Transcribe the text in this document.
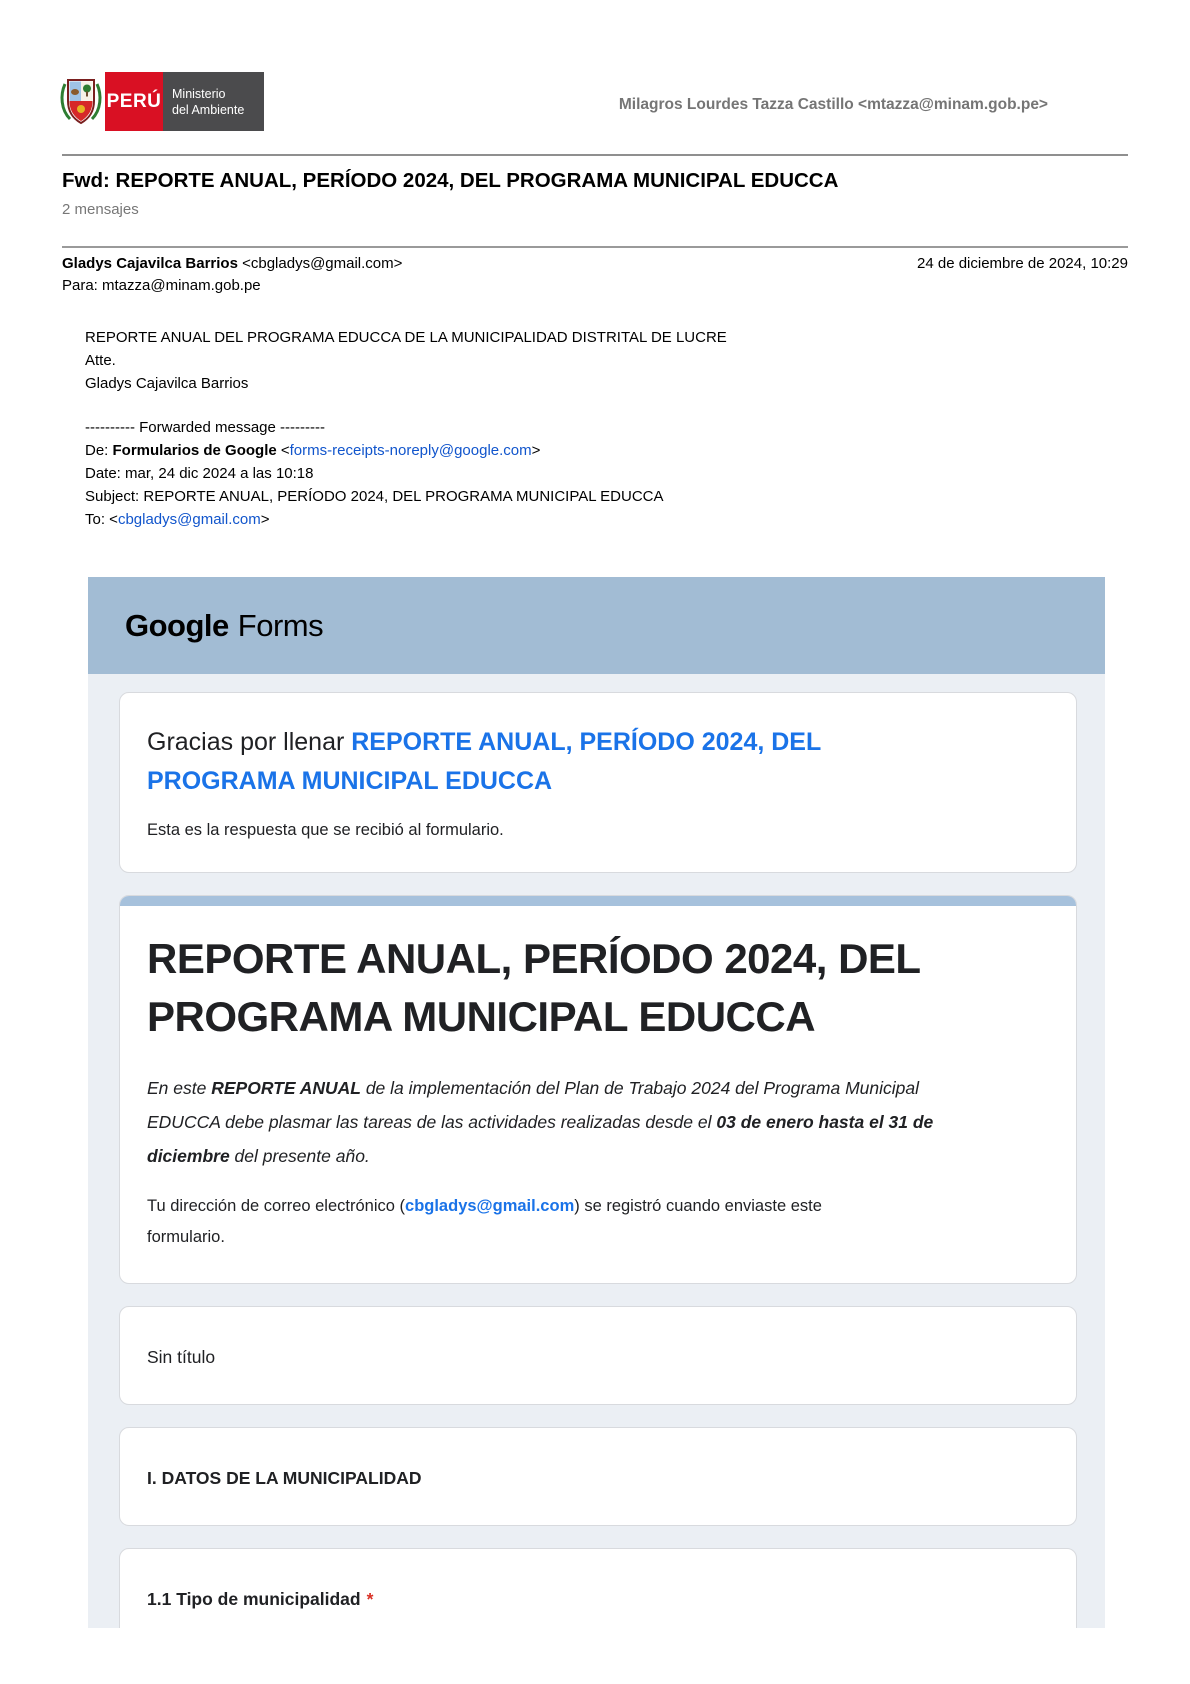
PERÚ Ministerio
del Ambiente	Milagros Lourdes Tazza Castillo <mtazza@minam.gob.pe>
Fwd: REPORTE ANUAL, PERÍODO 2024, DEL PROGRAMA MUNICIPAL EDUCCA
2 mensajes
Gladys Cajavilca Barrios <cbgladys@gmail.com>	24 de diciembre de 2024, 10:29
Para: mtazza@minam.gob.pe
REPORTE ANUAL DEL PROGRAMA EDUCCA DE LA MUNICIPALIDAD DISTRITAL DE LUCRE
Atte.
Gladys Cajavilca Barrios
---------- Forwarded message ---------
De: Formularios de Google <forms-receipts-noreply@google.com>
Date: mar, 24 dic 2024 a las 10:18
Subject: REPORTE ANUAL, PERÍODO 2024, DEL PROGRAMA MUNICIPAL EDUCCA
To: <cbgladys@gmail.com>
Google Forms
Gracias por llenar REPORTE ANUAL, PERÍODO 2024, DEL PROGRAMA MUNICIPAL EDUCCA
Esta es la respuesta que se recibió al formulario.
REPORTE ANUAL, PERÍODO 2024, DEL PROGRAMA MUNICIPAL EDUCCA
En este REPORTE ANUAL de la implementación del Plan de Trabajo 2024 del Programa Municipal EDUCCA debe plasmar las tareas de las actividades realizadas desde el 03 de enero hasta el 31 de diciembre del presente año.
Tu dirección de correo electrónico (cbgladys@gmail.com) se registró cuando enviaste este formulario.
Sin título
I. DATOS DE LA MUNICIPALIDAD
1.1 Tipo de municipalidad *
